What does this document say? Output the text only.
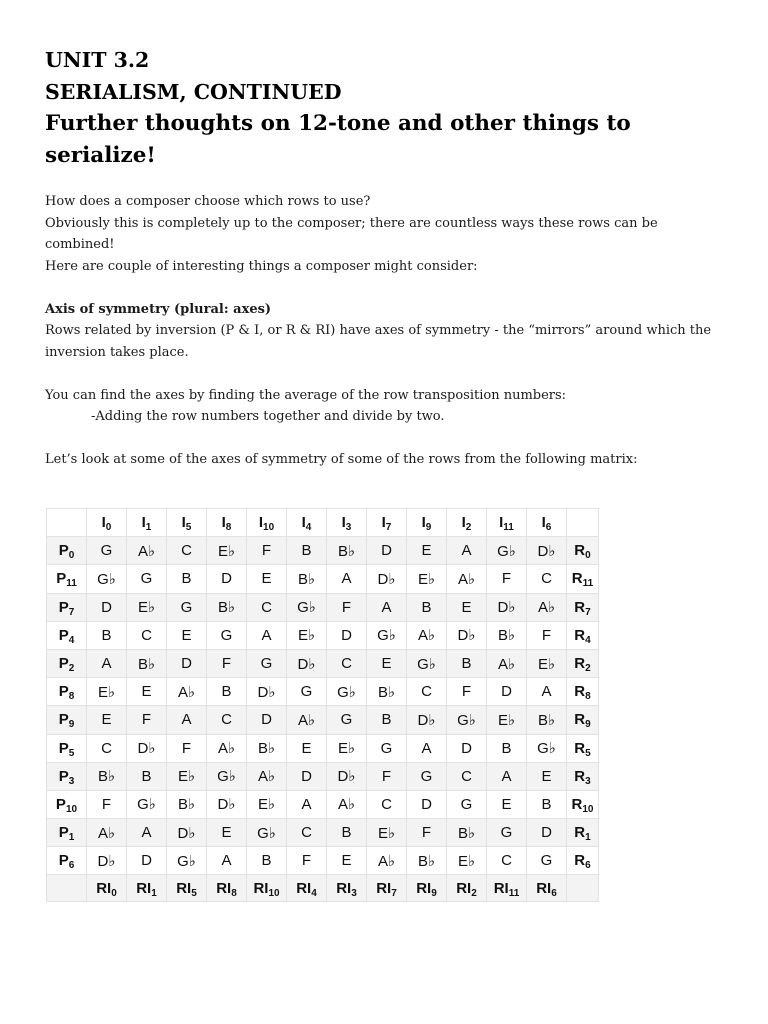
UNIT 3.2
SERIALISM, CONTINUED
Further thoughts on 12-tone and other things to serialize!

How does a composer choose which rows to use?

Obviously this is completely up to the composer; there are countless ways these rows can be combined!

Here are couple of interesting things a composer might consider:

Axis of symmetry (plural: axes)

Rows related by inversion (P & I, or R & RI) have axes of symmetry - the “mirrors” around which the inversion takes place.

You can find the axes by finding the average of the row transposition numbers:

-Adding the row numbers together and divide by two.

Let’s look at some of the axes of symmetry of some of the rows from the following matrix:

	$I_0$	$I_1$	$I_5$	$I_8$	$I_{10}$	$I_4$	$I_3$	$I_7$	$I_9$	$I_2$	$I_{11}$	$I_6$	
$P_0$	G	A♭	C	E♭	F	B	B♭	D	E	A	G♭	D♭	$R_0$
$P_{11}$	G♭	G	B	D	E	B♭	A	D♭	E♭	A♭	F	C	$R_{11}$
$P_7$	D	E♭	G	B♭	C	G♭	F	A	B	E	D♭	A♭	$R_7$
$P_4$	B	C	E	G	A	E♭	D	G♭	A♭	D♭	B♭	F	$R_4$
$P_2$	A	B♭	D	F	G	D♭	C	E	G♭	B	A♭	E♭	$R_2$
$P_8$	E♭	E	A♭	B	D♭	G	G♭	B♭	C	F	D	A	$R_8$
$P_9$	E	F	A	C	D	A♭	G	B	D♭	G♭	E♭	B♭	$R_9$
$P_5$	C	D♭	F	A♭	B♭	E	E♭	G	A	D	B	G♭	$R_5$
$P_3$	B♭	B	E♭	G♭	A♭	D	D♭	F	G	C	A	E	$R_3$
$P_{10}$	F	G♭	B♭	D♭	E♭	A	A♭	C	D	G	E	B	$R_{10}$
$P_1$	A♭	A	D♭	E	G♭	C	B	E♭	F	B♭	G	D	$R_1$
$P_6$	D♭	D	G♭	A	B	F	E	A♭	B♭	E♭	C	G	$R_6$
	$RI_0$	$RI_1$	$RI_5$	$RI_8$	$RI_{10}$	$RI_4$	$RI_3$	$RI_7$	$RI_9$	$RI_2$	$RI_{11}$	$RI_6$	
